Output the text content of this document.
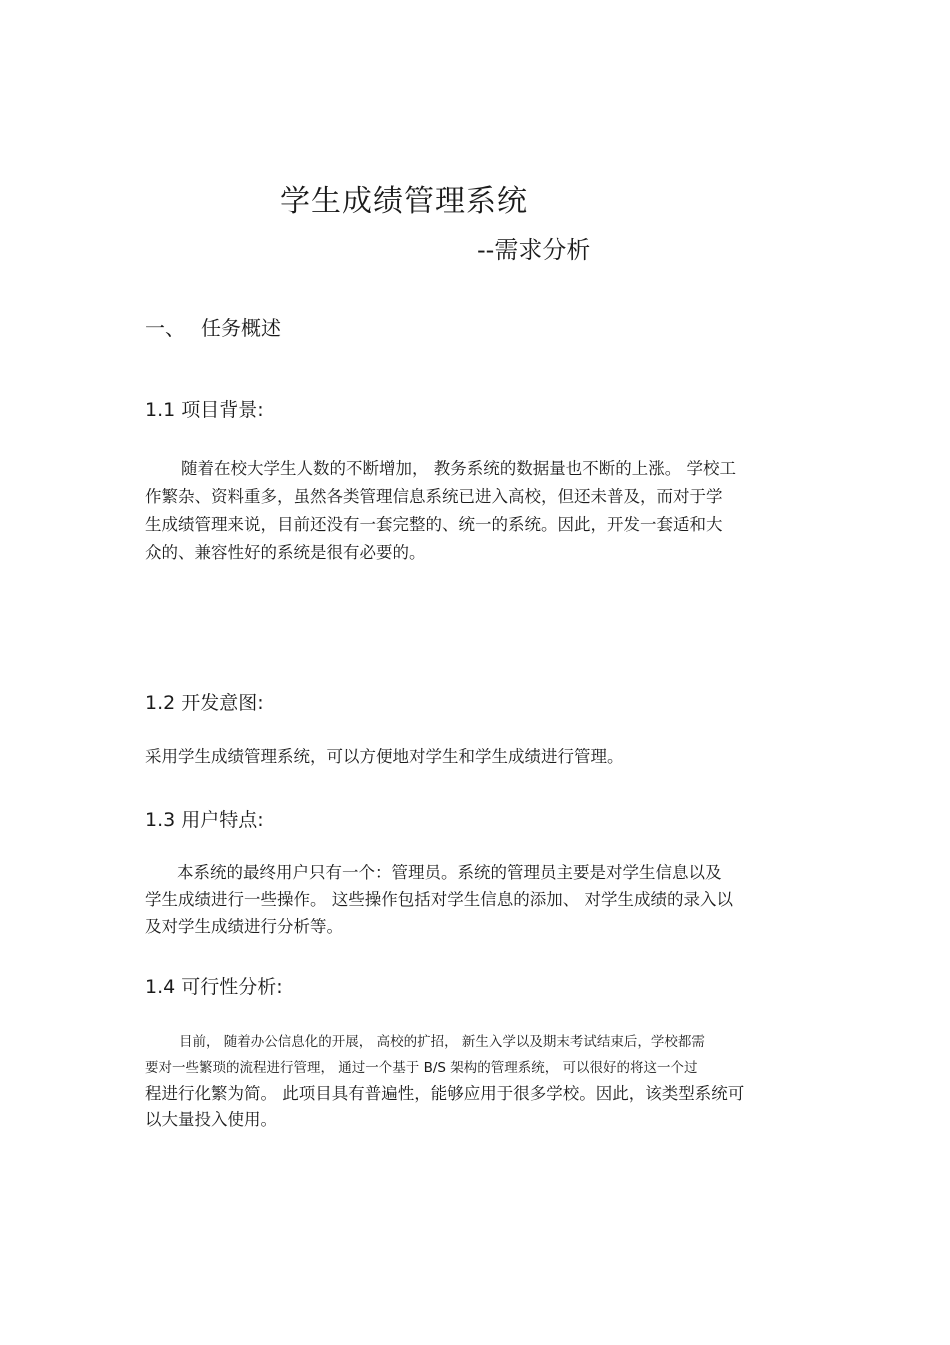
学生成绩管理系统
--需求分析
一、 任务概述
1.1 项目背景:
随着在校大学生人数的不断增加， 教务系统的数据量也不断的上涨。 学校工
作繁杂、资料重多，虽然各类管理信息系统已进入高校，但还未普及，而对于学
生成绩管理来说，目前还没有一套完整的、统一的系统。因此，开发一套适和大
众的、兼容性好的系统是很有必要的。
1.2 开发意图:
采用学生成绩管理系统，可以方便地对学生和学生成绩进行管理。
1.3 用户特点:
本系统的最终用户只有一个：管理员。系统的管理员主要是对学生信息以及
学生成绩进行一些操作。 这些操作包括对学生信息的添加、 对学生成绩的录入以
及对学生成绩进行分析等。
1.4 可行性分析:
目前， 随着办公信息化的开展， 高校的扩招， 新生入学以及期末考试结束后，学校都需
要对一些繁琐的流程进行管理， 通过一个基于 B/S 架构的管理系统， 可以很好的将这一个过
程进行化繁为简。 此项目具有普遍性，能够应用于很多学校。因此，该类型系统可
以大量投入使用。
